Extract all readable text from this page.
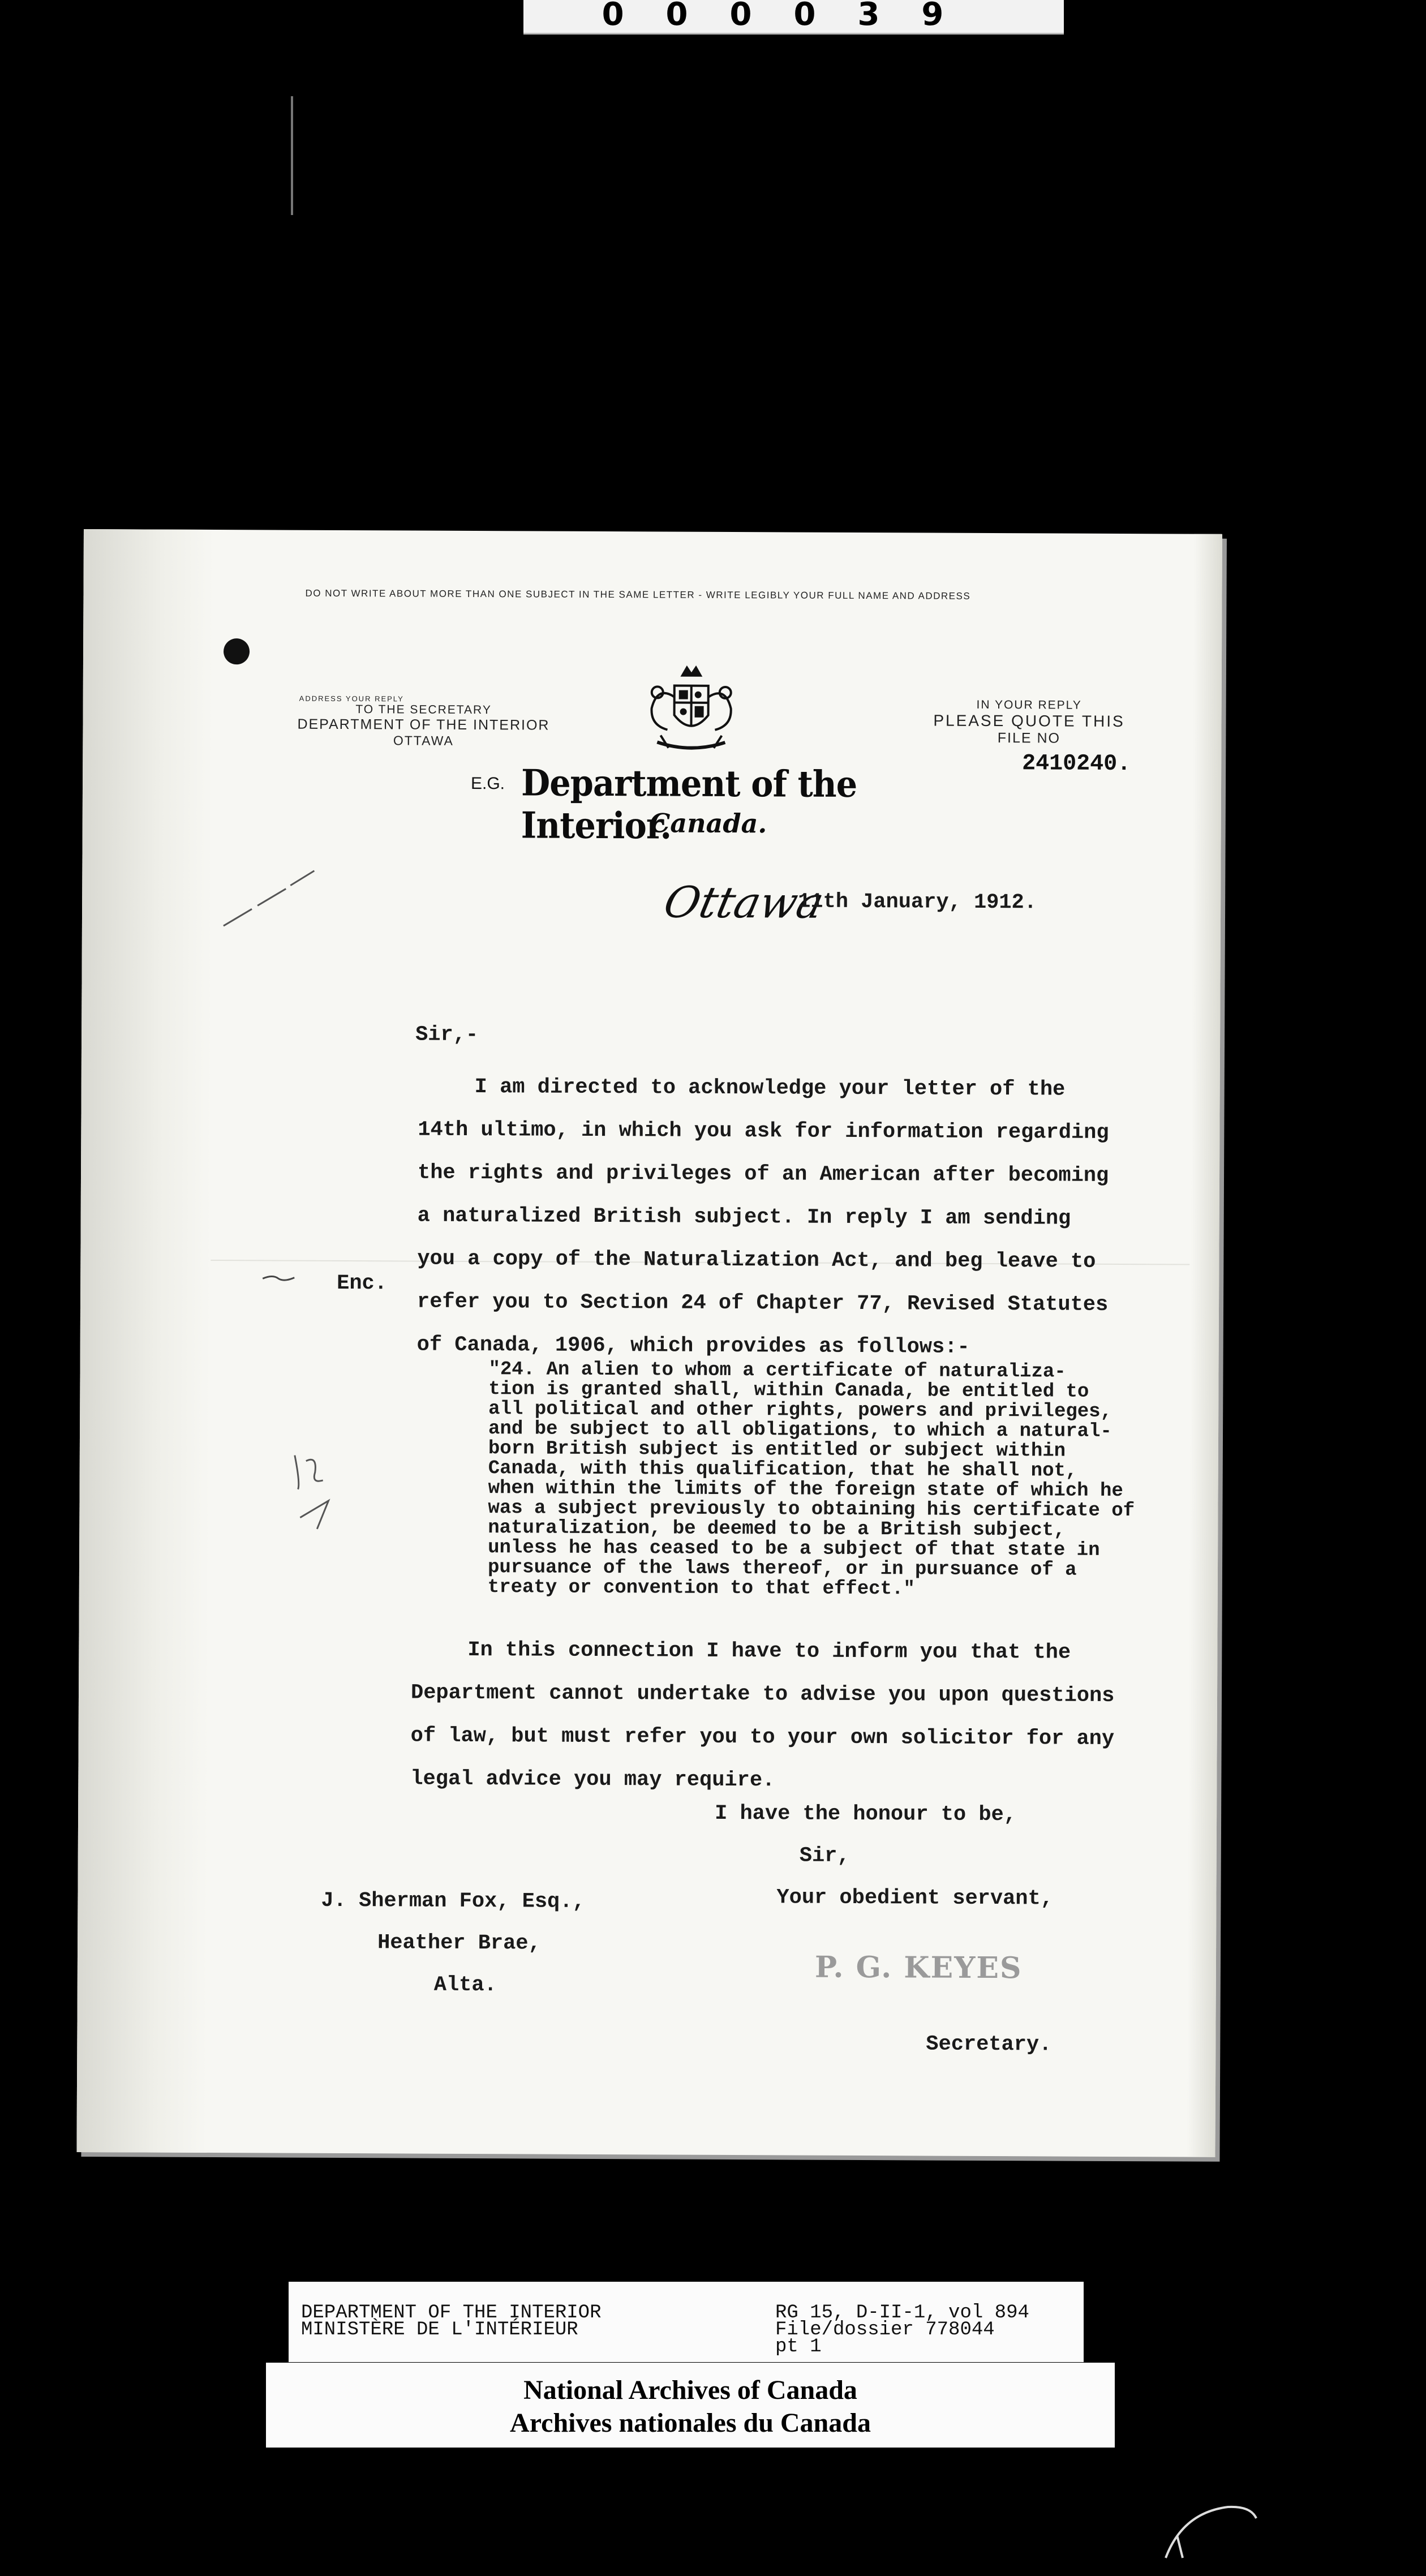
000039
DO NOT WRITE ABOUT MORE THAN ONE SUBJECT IN THE SAME LETTER - WRITE LEGIBLY YOUR FULL NAME AND ADDRESS
ADDRESS YOUR REPLY
TO THE SECRETARY
DEPARTMENT OF THE INTERIOR
OTTAWA
IN YOUR REPLY
PLEASE QUOTE THIS
FILE NO
2410240.
E.G. Department of the Interior.
Canada.
Ottawa
11th January, 1912.
Sir,-
I am directed to acknowledge your letter of the
14th ultimo, in which you ask for information regarding
the rights and privileges of an American after becoming
a naturalized British subject. In reply I am sending
you a copy of the Naturalization Act, and beg leave to
refer you to Section 24 of Chapter 77, Revised Statutes
of Canada, 1906, which provides as follows:-
Enc.
"24. An alien to whom a certificate of naturaliza-
tion is granted shall, within Canada, be entitled to
all political and other rights, powers and privileges,
and be subject to all obligations, to which a natural-
born British subject is entitled or subject within
Canada, with this qualification, that he shall not,
when within the limits of the foreign state of which he
was a subject previously to obtaining his certificate of
naturalization, be deemed to be a British subject,
unless he has ceased to be a subject of that state in
pursuance of the laws thereof, or in pursuance of a
treaty or convention to that effect."
In this connection I have to inform you that the
Department cannot undertake to advise you upon questions
of law, but must refer you to your own solicitor for any
legal advice you may require.
I have the honour to be,
Sir,
Your obedient servant,
J. Sherman Fox, Esq.,
Heather Brae,
Alta.	P. G. KEYES
Secretary.
DEPARTMENT OF THE INTERIOR
MINISTÈRE DE L'INTÉRIEUR
RG 15, D-II-1, vol 894
File/dossier 778044
pt 1
National Archives of Canada
Archives nationales du Canada
